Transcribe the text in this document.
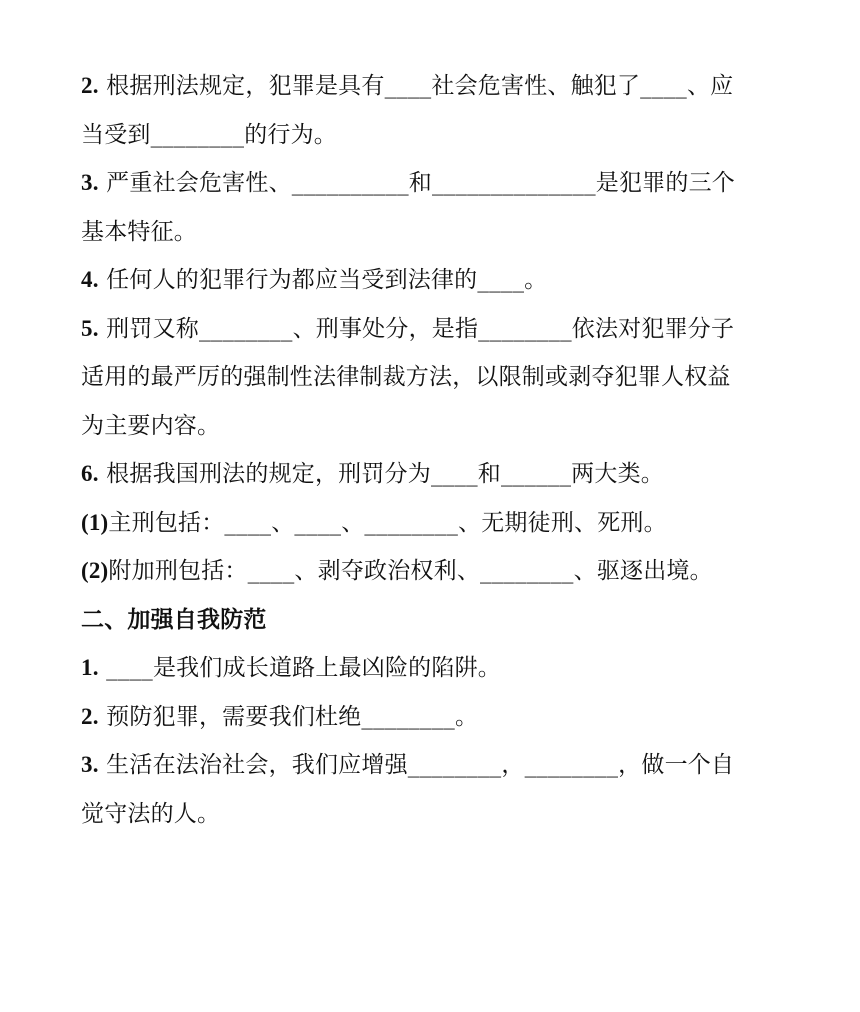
2. 根据刑法规定，犯罪是具有____社会危害性、触犯了____、应
当受到________的行为。
3. 严重社会危害性、__________和______________是犯罪的三个
基本特征。
4. 任何人的犯罪行为都应当受到法律的____。
5. 刑罚又称________、刑事处分，是指________依法对犯罪分子
适用的最严厉的强制性法律制裁方法，以限制或剥夺犯罪人权益
为主要内容。
6. 根据我国刑法的规定，刑罚分为____和______两大类。
(1)主刑包括：____、____、________、无期徒刑、死刑。
(2)附加刑包括：____、剥夺政治权利、________、驱逐出境。
二、加强自我防范
1. ____是我们成长道路上最凶险的陷阱。
2. 预防犯罪，需要我们杜绝________。
3. 生活在法治社会，我们应增强________，________，做一个自
觉守法的人。
